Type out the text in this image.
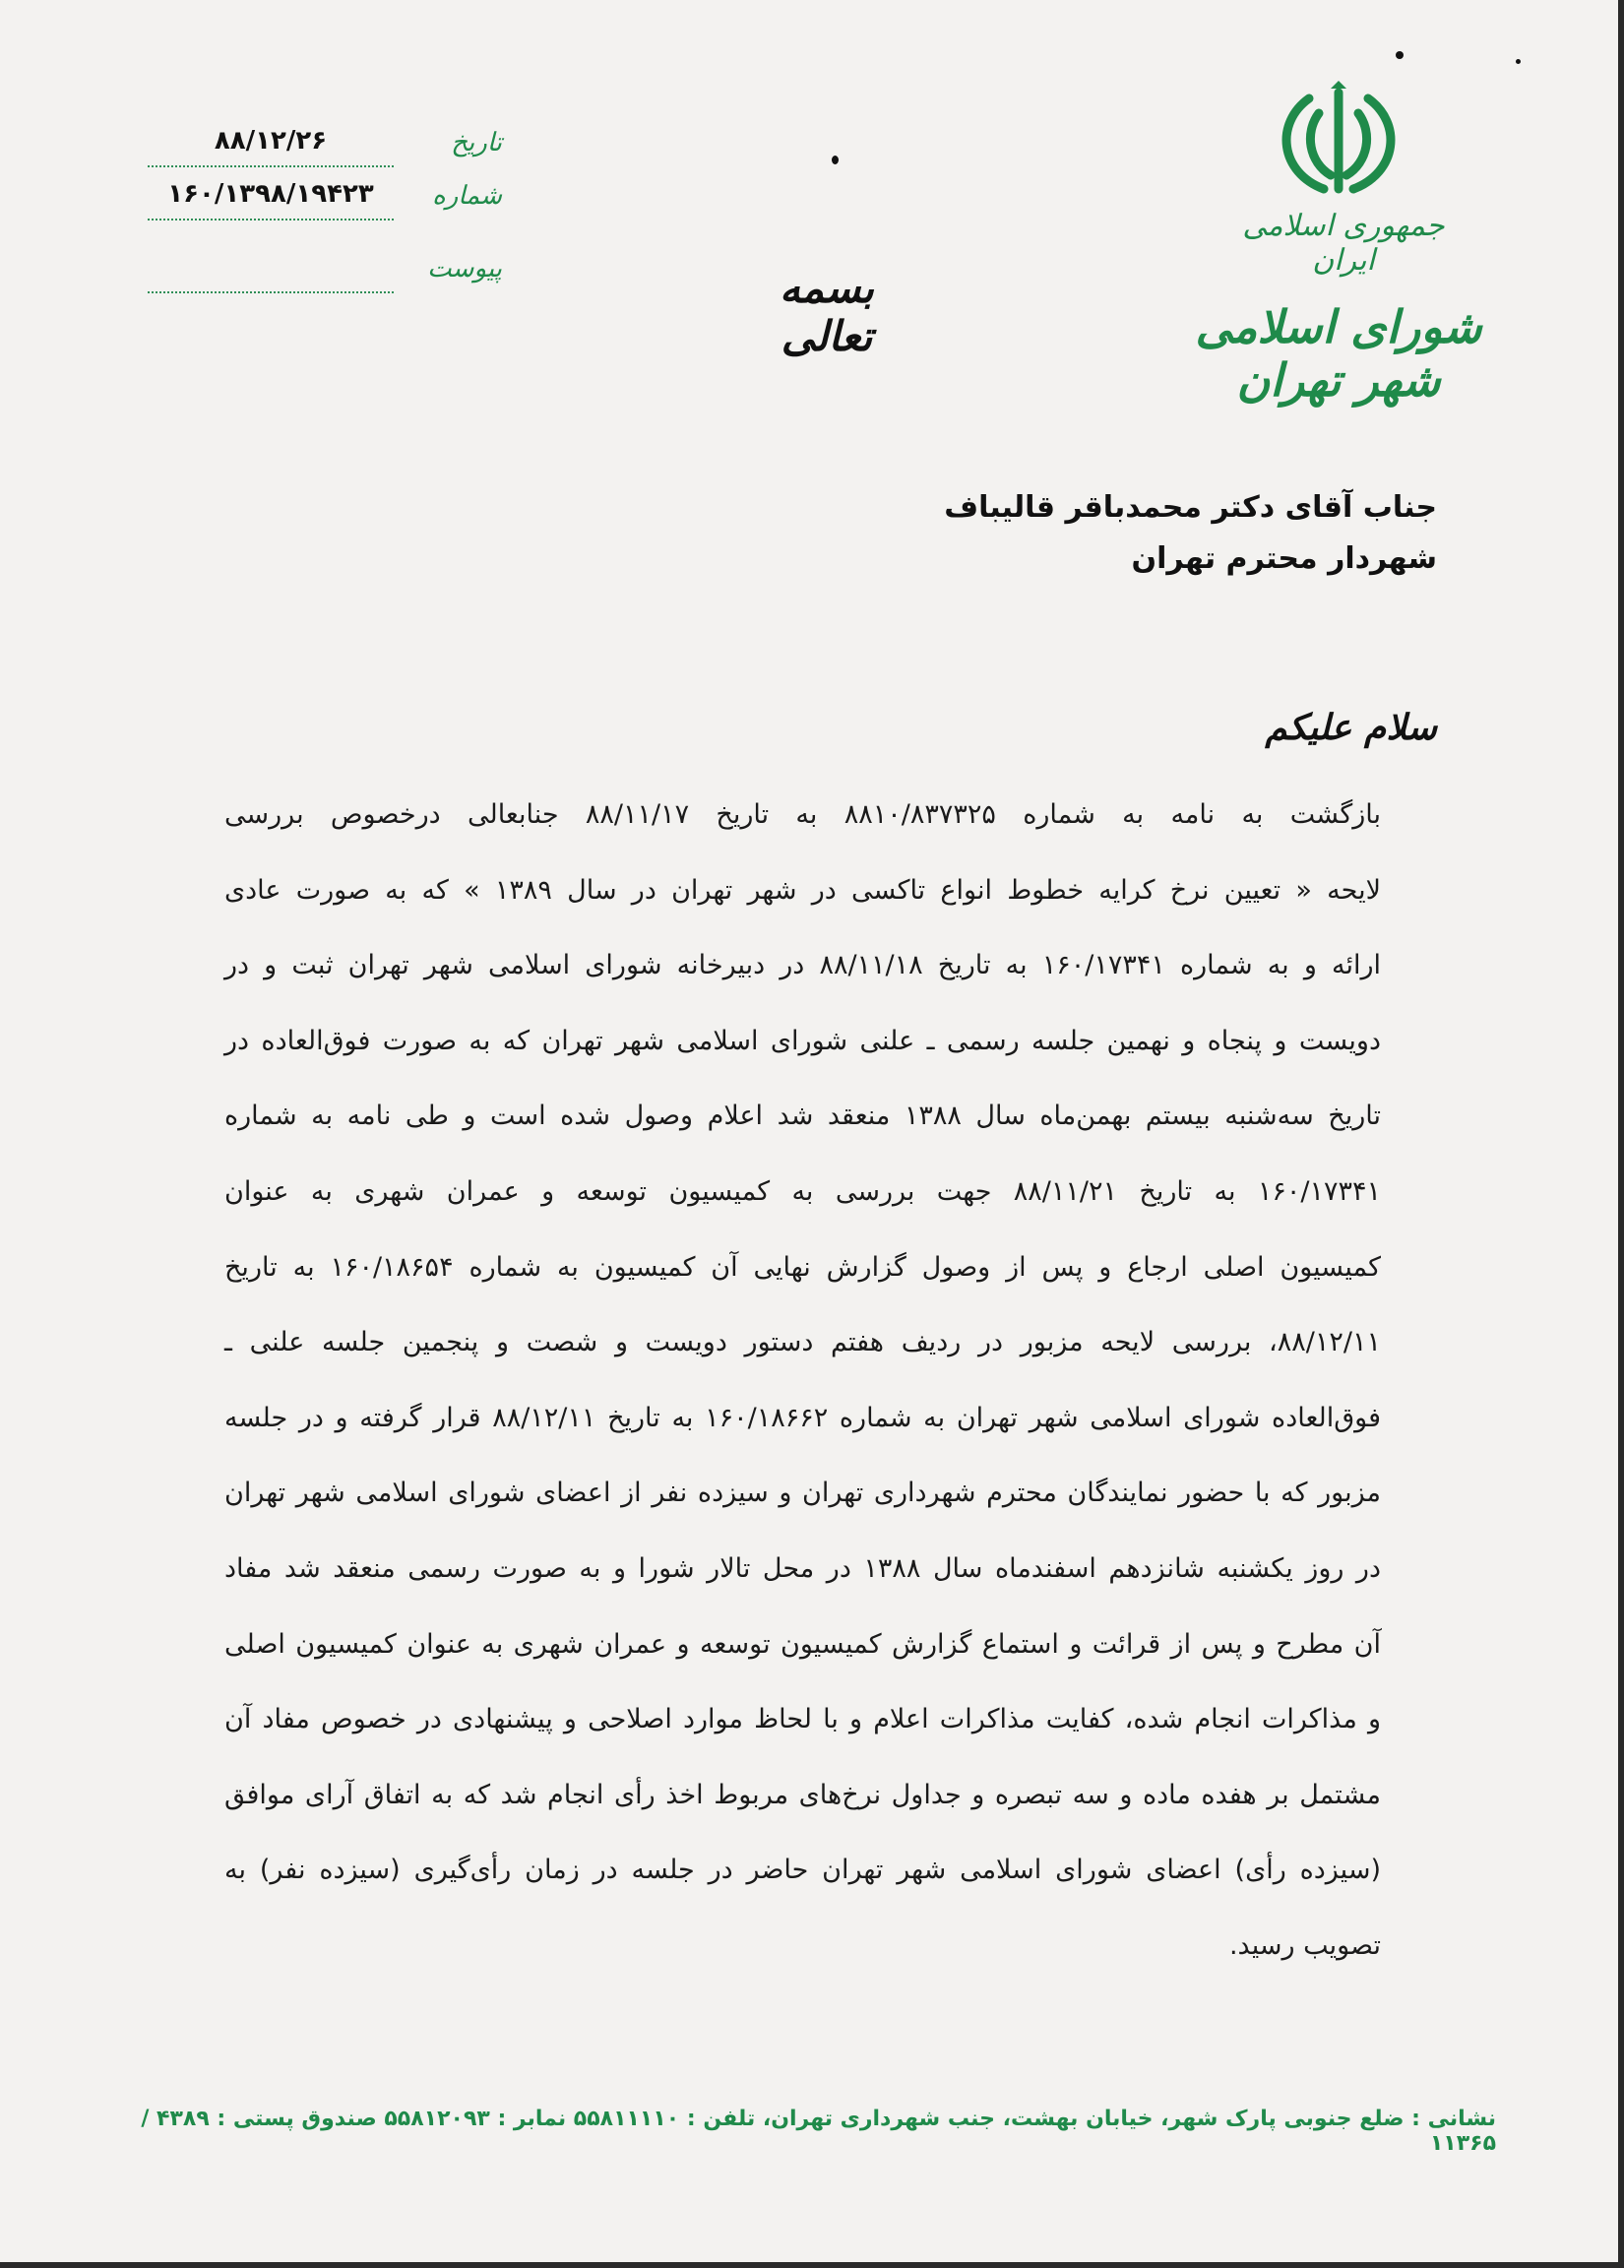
جمهوری اسلامی ایران
شورای اسلامی شهر تهران
بسمه تعالی
تاریخ
۸۸/۱۲/۲۶
شماره
۱۶۰/۱۳۹۸/۱۹۴۲۳
پیوست
جناب آقای دکتر محمدباقر قالیباف
شهردار محترم تهران
سلام علیکم
بازگشت به نامه به شماره ۸۸۱۰/۸۳۷۳۲۵ به تاریخ ۸۸/۱۱/۱۷ جنابعالی درخصوص بررسی
لایحه « تعیین نرخ کرایه خطوط انواع تاکسی در شهر تهران در سال ۱۳۸۹ » که به صورت عادی
ارائه و به شماره ۱۶۰/۱۷۳۴۱ به تاریخ ۸۸/۱۱/۱۸ در دبیرخانه شورای اسلامی شهر تهران ثبت و در
دویست و پنجاه و نهمین جلسه رسمی ـ علنی شورای اسلامی شهر تهران که به صورت فوق‌العاده در
تاریخ سه‌شنبه بیستم بهمن‌ماه سال ۱۳۸۸ منعقد شد اعلام وصول شده است و طی نامه به شماره
۱۶۰/۱۷۳۴۱ به تاریخ ۸۸/۱۱/۲۱ جهت بررسی به کمیسیون توسعه و عمران شهری به عنوان
کمیسیون اصلی ارجاع و پس از وصول گزارش نهایی آن کمیسیون به شماره ۱۶۰/۱۸۶۵۴ به تاریخ
۸۸/۱۲/۱۱، بررسی لایحه مزبور در ردیف هفتم دستور دویست و شصت و پنجمین جلسه علنی ـ
فوق‌العاده شورای اسلامی شهر تهران به شماره ۱۶۰/۱۸۶۶۲ به تاریخ ۸۸/۱۲/۱۱ قرار گرفته و در جلسه
مزبور که با حضور نمایندگان محترم شهرداری تهران و سیزده نفر از اعضای شورای اسلامی شهر تهران
در روز یکشنبه شانزدهم اسفندماه سال ۱۳۸۸ در محل تالار شورا و به صورت رسمی منعقد شد مفاد
آن مطرح و پس از قرائت و استماع گزارش کمیسیون توسعه و عمران شهری به عنوان کمیسیون اصلی
و مذاکرات انجام شده، کفایت مذاکرات اعلام و با لحاظ موارد اصلاحی و پیشنهادی در خصوص مفاد آن
مشتمل بر هفده ماده و سه تبصره و جداول نرخ‌های مربوط اخذ رأی انجام شد که به اتفاق آرای موافق
(سیزده رأی) اعضای شورای اسلامی شهر تهران حاضر در جلسه در زمان رأی‌گیری (سیزده نفر) به
تصویب رسید.
نشانی : ضلع جنوبی پارک شهر، خیابان بهشت، جنب شهرداری تهران، تلفن : ۵۵۸۱۱۱۱۰ نمابر : ۵۵۸۱۲۰۹۳ صندوق پستی : ۴۳۸۹ / ۱۱۳۶۵
